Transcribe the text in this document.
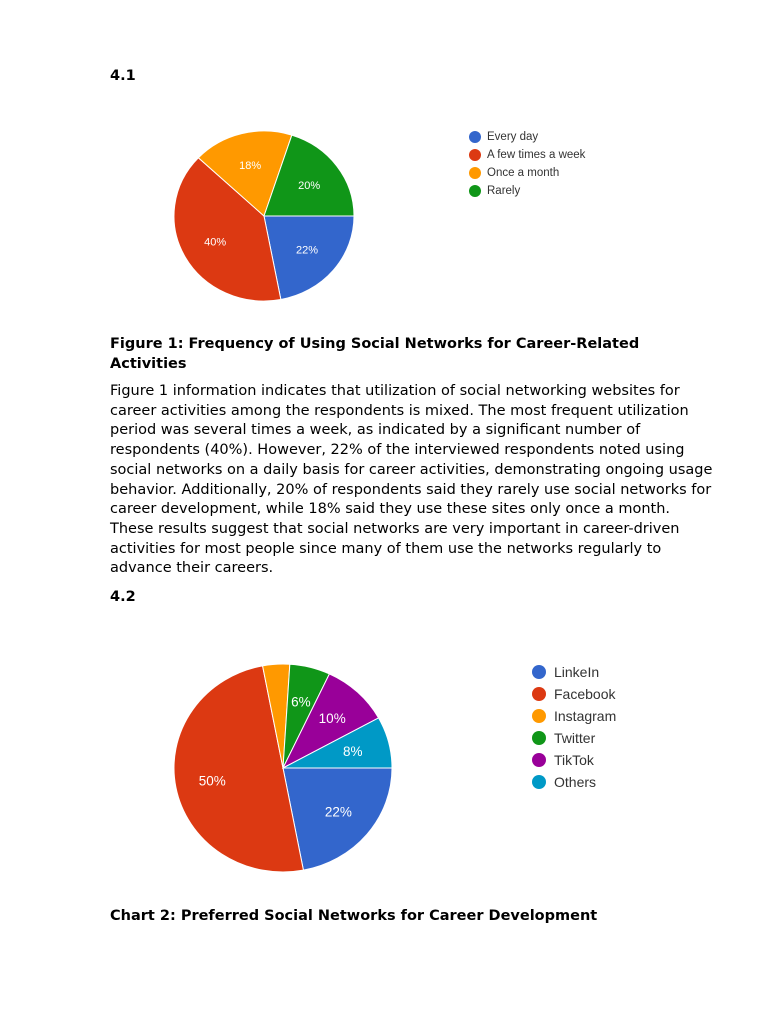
4.1
22%
40%
18%
20%
Every day
A few times a week
Once a month
Rarely
Figure 1: Frequency of Using Social Networks for Career-Related Activities

Figure 1 information indicates that utilization of social networking websites for career activities among the respondents is mixed. The most frequent utilization period was several times a week, as indicated by a significant number of respondents (40%). However, 22% of the interviewed respondents noted using social networks on a daily basis for career activities, demonstrating ongoing usage behavior. Additionally, 20% of respondents said they rarely use social networks for career development, while 18% said they use these sites only once a month. These results suggest that social networks are very important in career-driven activities for most people since many of them use the networks regularly to advance their careers.

4.2
22%
50%
6%
10%
8%
LinkeIn
Facebook
Instagram
Twitter
TikTok
Others
Chart 2: Preferred Social Networks for Career Development
